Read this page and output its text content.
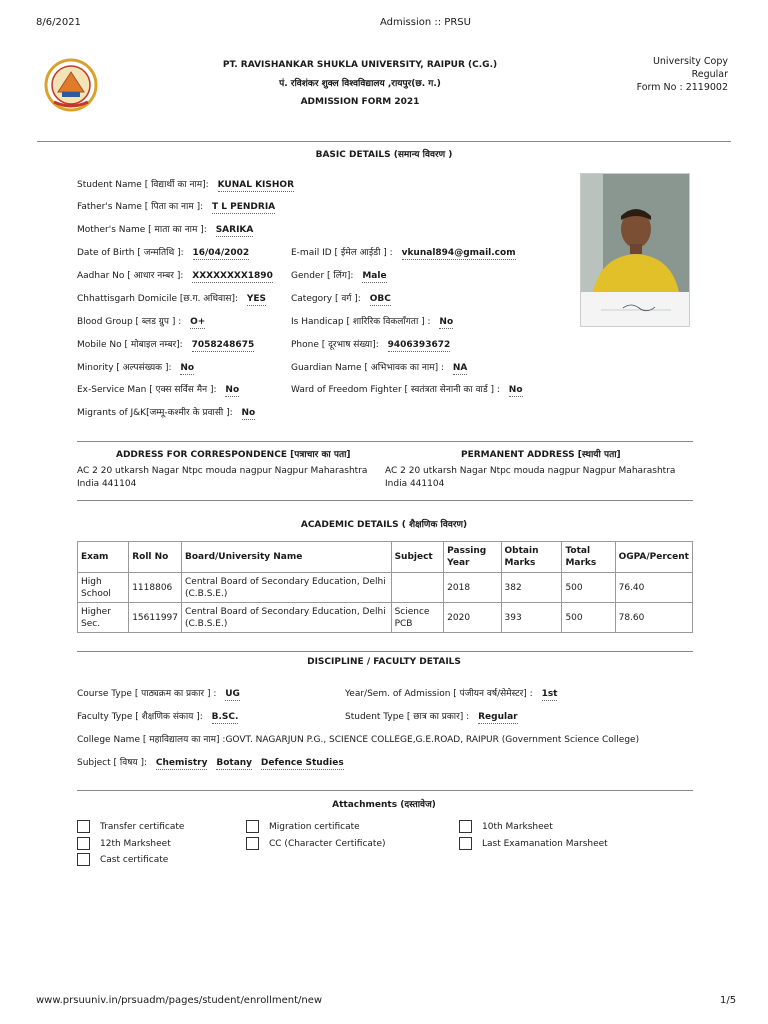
8/6/2021	Admission :: PRSU
www.prsuuniv.in/prsuadm/pages/student/enrollment/new	1/5
PT. RAVISHANKAR SHUKLA UNIVERSITY, RAIPUR (C.G.)
पं. रविशंकर शुक्ल विश्वविद्यालय ,रायपुर(छ. ग.)
ADMISSION FORM 2021
University Copy
Regular
Form No : 2119002
BASIC DETAILS (समान्य विवरण )
Student Name [ विद्यार्थी का नाम]: KUNAL KISHOR
Father's Name [ पिता का नाम ]: T L PENDRIA
Mother's Name [ माता का नाम ]: SARIKA
Date of Birth [ जन्मतिथि ]: 16/04/2002	E-mail ID [ ईमेल आईडी ] : vkunal894@gmail.com
Aadhar No [ आधार नम्बर ]: XXXXXXXX1890 Gender [ लिंग]: Male
Chhattisgarh Domicile [छ.ग. अधिवास]: YES	Category [ वर्ग ]: OBC
Blood Group [ ब्लड ग्रुप ] : O+	Is Handicap [ शारिरिक विकलाँगता ] : No
Mobile No [ मोबाइल नम्बर]: 7058248675	Phone [ दूरभाष संख्या]: 9406393672
Minority [ अल्पसंख्यक ]: No	Guardian Name [ अभिभावक का नाम] : NA
Ex-Service Man [ एक्स सर्विस मैन ]: No	Ward of Freedom Fighter [ स्वतंत्रता सेनानी का वार्ड ] : No
Migrants of J&K[जम्मू-कश्मीर के प्रवासी ]: No
ADDRESS FOR CORRESPONDENCE [पत्राचार का पता]	PERMANENT ADDRESS [स्थायी पता]
AC 2 20 utkarsh Nagar Ntpc mouda nagpur Nagpur Maharashtra India 441104
AC 2 20 utkarsh Nagar Ntpc mouda nagpur Nagpur Maharashtra India 441104
ACADEMIC DETAILS ( शैक्षणिक विवरण)
Exam	Roll No	Board/University Name	Subject	Passing Year	Obtain Marks	Total Marks	OGPA/Percent
High School	1118806	Central Board of Secondary Education, Delhi (C.B.S.E.)		2018	382	500	76.40
Higher Sec.	15611997	Central Board of Secondary Education, Delhi (C.B.S.E.)	Science PCB	2020	393	500	78.60
DISCIPLINE / FACULTY DETAILS
Course Type [ पाठ्यक्रम का प्रकार ] : UG	Year/Sem. of Admission [ पंजीयन वर्ष/सेमेस्टर] : 1st
Faculty Type [ शैक्षणिक संकाय ]: B.SC.	Student Type [ छात्र का प्रकार] : Regular
College Name [ महाविद्यालय का नाम] :GOVT. NAGARJUN P.G., SCIENCE COLLEGE,G.E.ROAD, RAIPUR (Government Science College)
Subject [ विषय ]: Chemistry Botany Defence Studies
Attachments (दस्तावेज)
Transfer certificate	Migration certificate	10th Marksheet
12th Marksheet	CC (Character Certificate)	Last Examanation Marsheet
Cast certificate
